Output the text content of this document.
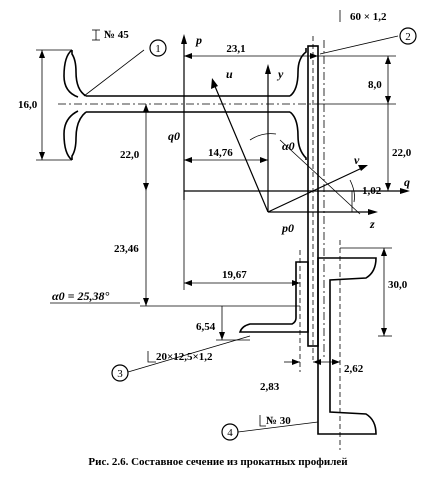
1
2
3
4
№ 45
60 × 1,2
20×12,5×1,2
№ 30
p
u	y
v
q
z
q0
p0
α0
α0 = 25,38°
23,1
8,0
16,0
22,0	22,0
14,76
1,02
23,46
19,67
30,0
6,54
2,83
2,62
Рис. 2.6. Составное сечение из прокатных профилей
